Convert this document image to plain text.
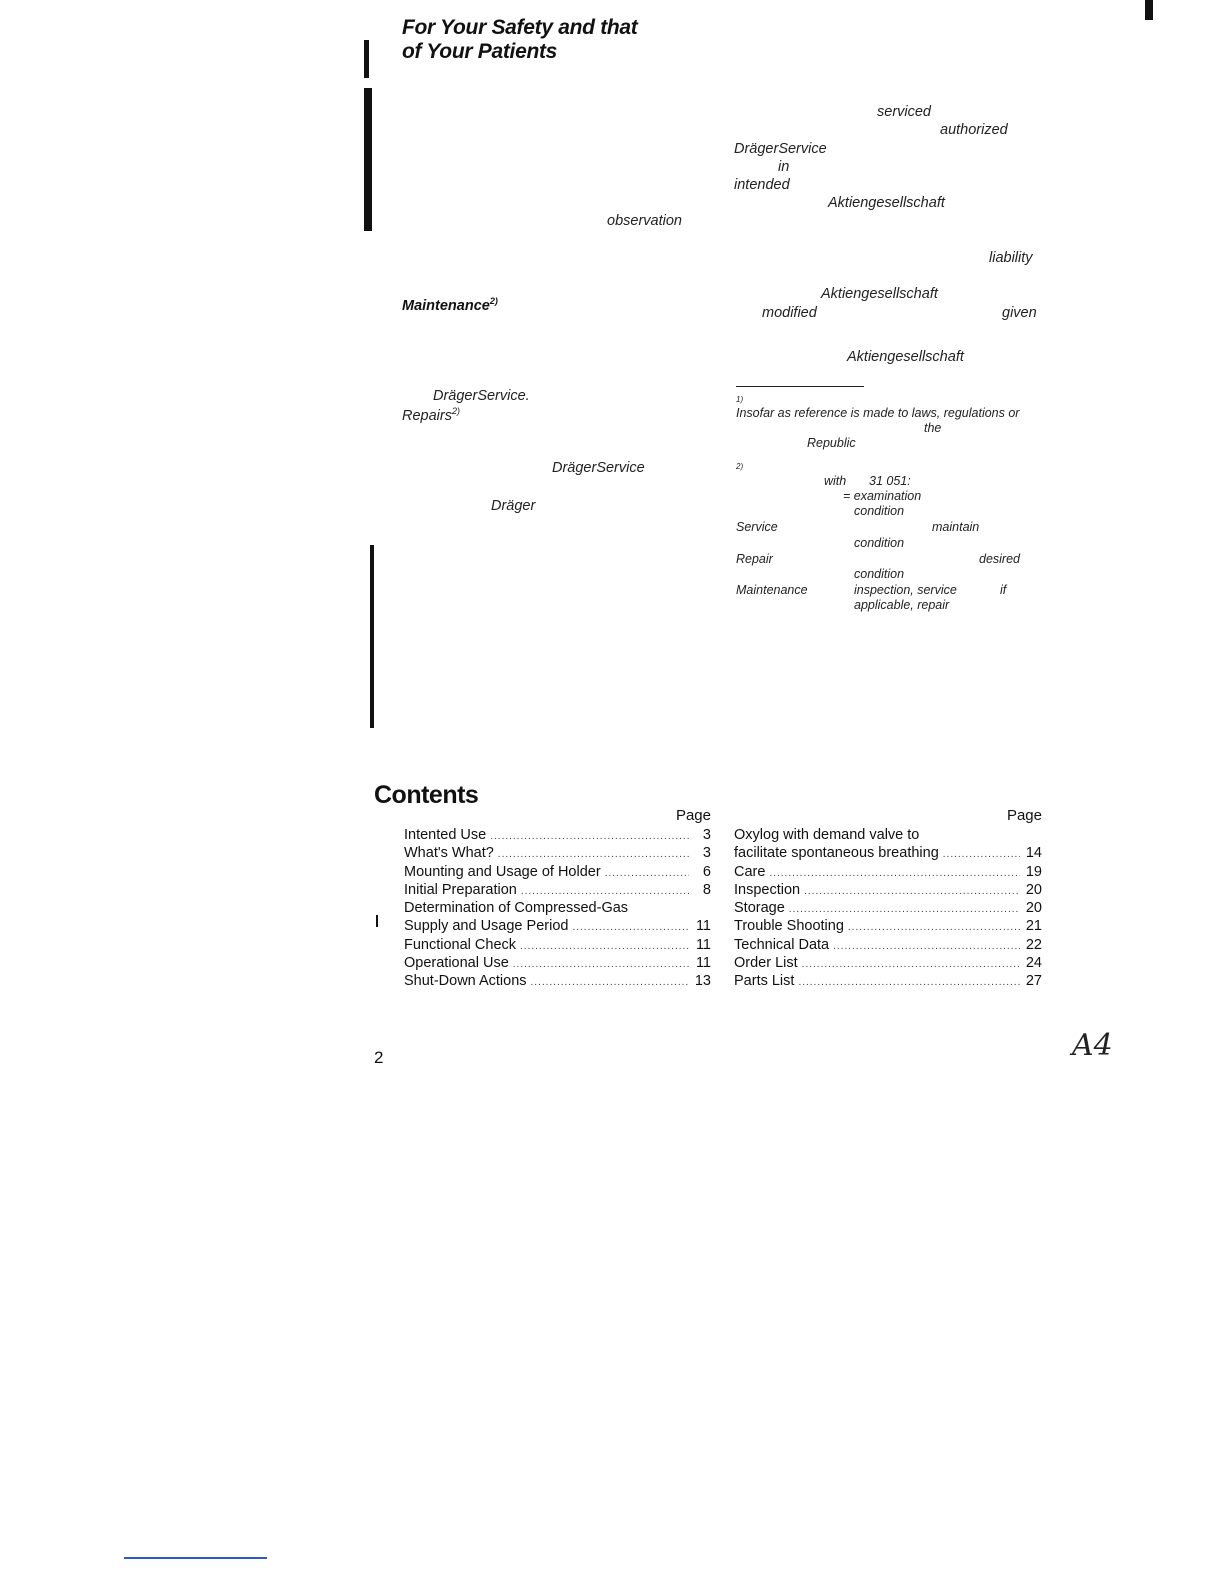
For Your Safety and that
of Your Patients
observation
Maintenance$^{2)}$
DrägerService.
Repairs$^{2)}$
DrägerService
Dräger
serviced
authorized
DrägerService
in
intended
Aktiengesellschaft
liability
Aktiengesellschaft
modified	given
Aktiengesellschaft
1)
Insofar as reference is made to laws, regulations or
the
Republic
2)
with 31 051:
= examination
condition
Service	maintain
condition
Repair	desired
condition
Maintenance	inspection, service	if
applicable, repair
Contents
Page
Intented Use .....	3
What's What? .....	3
Mounting and Usage of Holder .....	6
Initial Preparation .....	8
Determination of Compressed-Gas
Supply and Usage Period .....	11
Functional Check .....	11
Operational Use .....	11
Shut-Down Actions .....	13
Page
Oxylog with demand valve to
facilitate spontaneous breathing .....	14
Care .....	19
Inspection .....	20
Storage .....	20
Trouble Shooting .....	21
Technical Data .....	22
Order List .....	24
Parts List .....	27
2	A4
